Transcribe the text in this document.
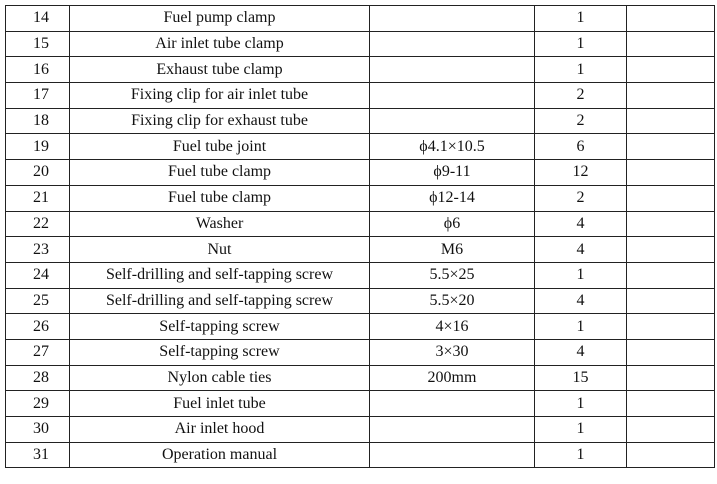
14	Fuel pump clamp		1	
15	Air inlet tube clamp		1	
16	Exhaust tube clamp		1	
17	Fixing clip for air inlet tube		2	
18	Fixing clip for exhaust tube		2	
19	Fuel tube joint	ϕ4.1×10.5	6	
20	Fuel tube clamp	ϕ9-11	12	
21	Fuel tube clamp	ϕ12-14	2	
22	Washer	ϕ6	4	
23	Nut	M6	4	
24	Self-drilling and self-tapping screw	5.5×25	1	
25	Self-drilling and self-tapping screw	5.5×20	4	
26	Self-tapping screw	4×16	1	
27	Self-tapping screw	3×30	4	
28	Nylon cable ties	200mm	15	
29	Fuel inlet tube		1	
30	Air inlet hood		1	
31	Operation manual		1	
